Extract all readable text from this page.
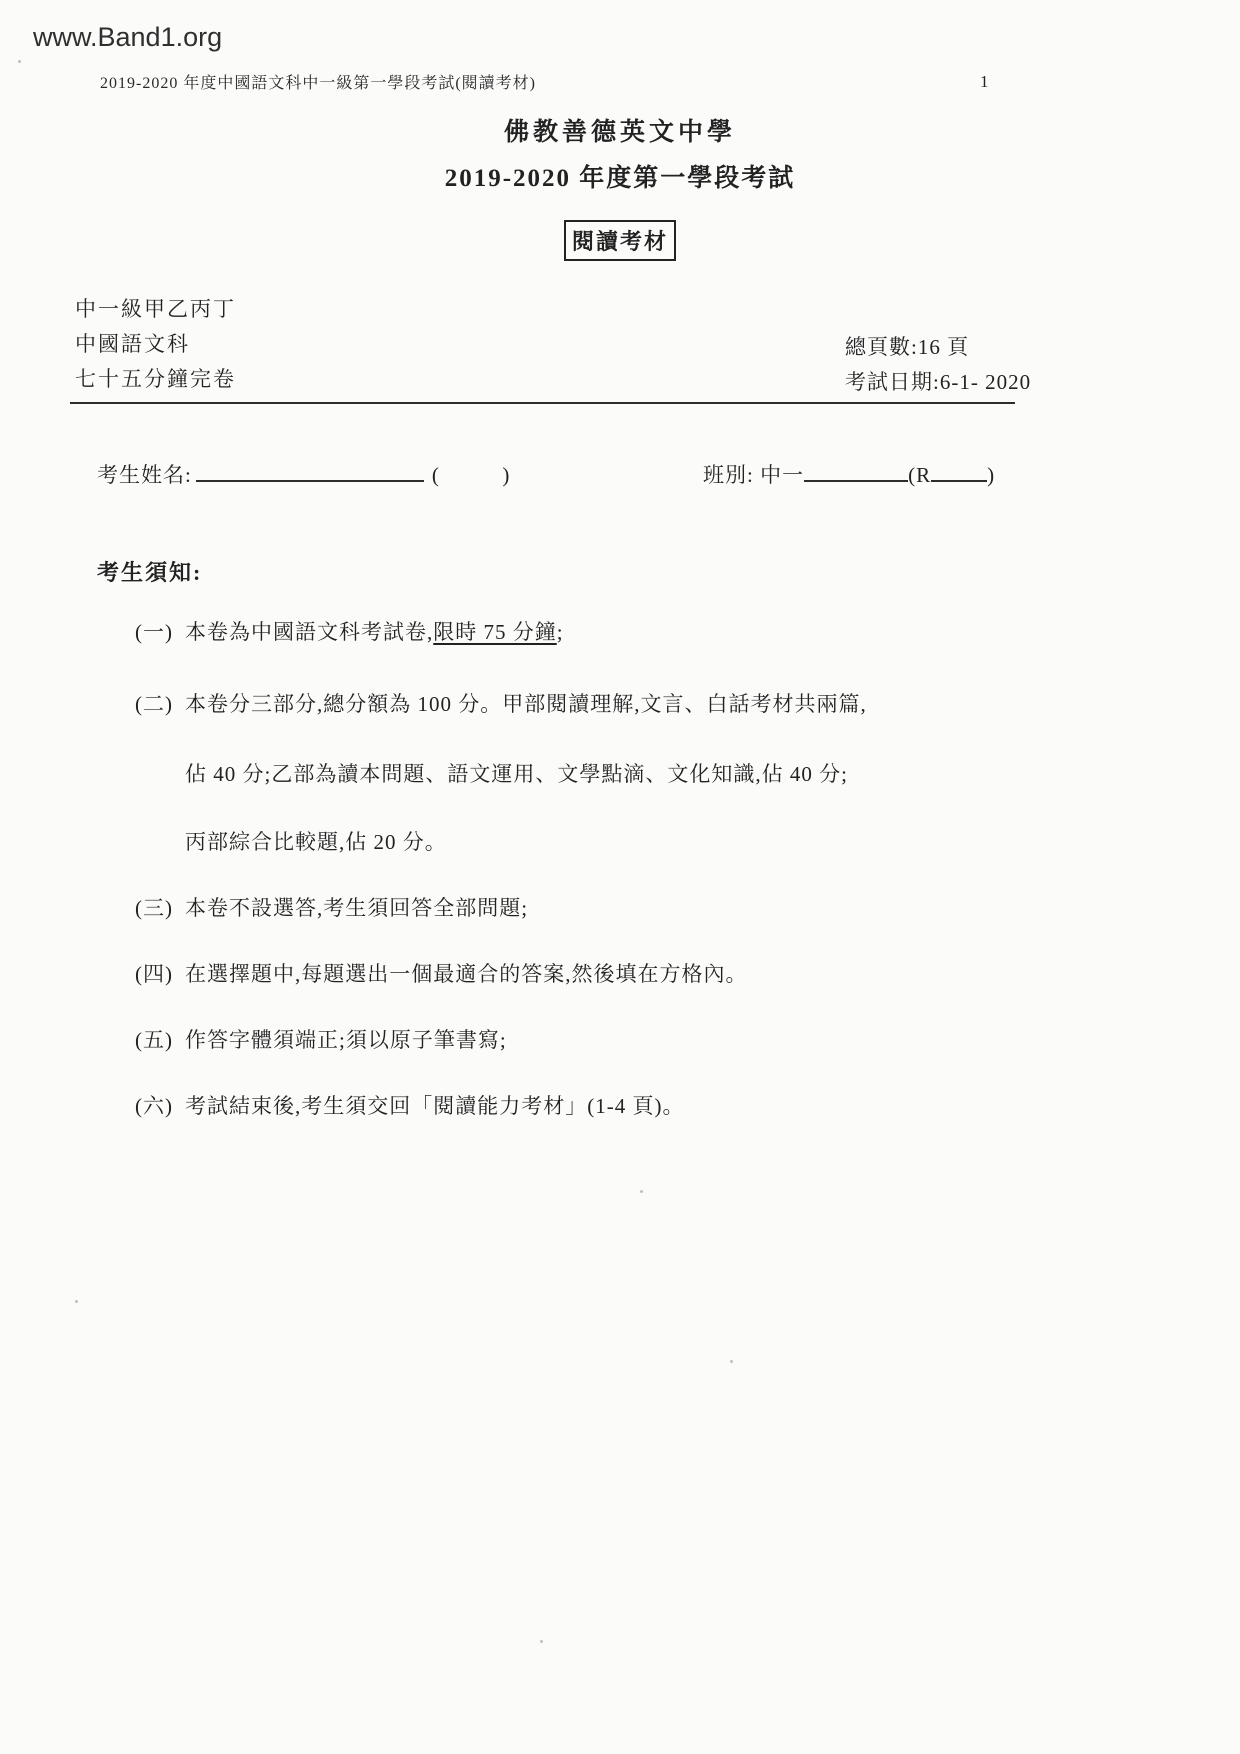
www.Band1.org
2019-2020 年度中國語文科中一級第一學段考試(閱讀考材)	1
佛教善德英文中學
2019-2020 年度第一學段考試
閱讀考材
中一級甲乙丙丁
中國語文科
七十五分鐘完卷
總頁數:16 頁
考試日期:6-1- 2020
考生姓名:	(          )	班別: 中一	(R	)
考生須知:
(一) 本卷為中國語文科考試卷,限時 75 分鐘;
(二) 本卷分三部分,總分額為 100 分。甲部閱讀理解,文言、白話考材共兩篇,
佔 40 分;乙部為讀本問題、語文運用、文學點滴、文化知識,佔 40 分;
丙部綜合比較題,佔 20 分。
(三) 本卷不設選答,考生須回答全部問題;
(四) 在選擇題中,每題選出一個最適合的答案,然後填在方格內。
(五) 作答字體須端正;須以原子筆書寫;
(六) 考試結束後,考生須交回「閱讀能力考材」(1-4 頁)。
